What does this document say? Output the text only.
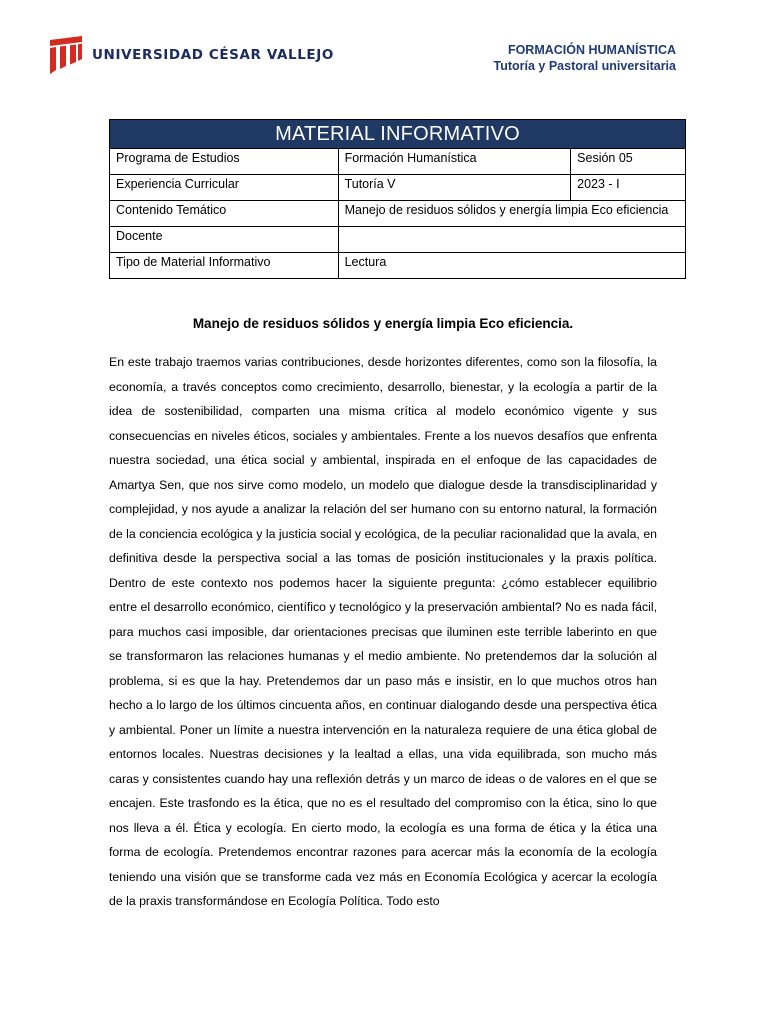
UNIVERSIDAD CÉSAR VALLEJO	FORMACIÓN HUMANÍSTICA
Tutoría y Pastoral universitaria
MATERIAL INFORMATIVO		
Programa de Estudios	Formación Humanística	Sesión 05
Experiencia Curricular	Tutoría V	2023 - I
Contenido Temático	Manejo de residuos sólidos y energía limpia Eco eficiencia	
Docente		
Tipo de Material Informativo	Lectura	
Manejo de residuos sólidos y energía limpia Eco eficiencia.

En este trabajo traemos varias contribuciones, desde horizontes diferentes, como son la filosofía, la economía, a través conceptos como crecimiento, desarrollo, bienestar, y la ecología a partir de la idea de sostenibilidad, comparten una misma crítica al modelo económico vigente y sus consecuencias en niveles éticos, sociales y ambientales. Frente a los nuevos desafíos que enfrenta nuestra sociedad, una ética social y ambiental, inspirada en el enfoque de las capacidades de Amartya Sen, que nos sirve como modelo, un modelo que dialogue desde la transdisciplinaridad y complejidad, y nos ayude a analizar la relación del ser humano con su entorno natural, la formación de la conciencia ecológica y la justicia social y ecológica, de la peculiar racionalidad que la avala, en definitiva desde la perspectiva social a las tomas de posición institucionales y la praxis política. Dentro de este contexto nos podemos hacer la siguiente pregunta: ¿cómo establecer equilibrio entre el desarrollo económico, científico y tecnológico y la preservación ambiental? No es nada fácil, para muchos casi imposible, dar orientaciones precisas que iluminen este terrible laberinto en que se transformaron las relaciones humanas y el medio ambiente. No pretendemos dar la solución al problema, si es que la hay. Pretendemos dar un paso más e insistir, en lo que muchos otros han hecho a lo largo de los últimos cincuenta años, en continuar dialogando desde una perspectiva ética y ambiental. Poner un límite a nuestra intervención en la naturaleza requiere de una ética global de entornos locales. Nuestras decisiones y la lealtad a ellas, una vida equilibrada, son mucho más caras y consistentes cuando hay una reflexión detrás y un marco de ideas o de valores en el que se encajen. Este trasfondo es la ética, que no es el resultado del compromiso con la ética, sino lo que nos lleva a él. Ética y ecología. En cierto modo, la ecología es una forma de ética y la ética una forma de ecología. Pretendemos encontrar razones para acercar más la economía de la ecología teniendo una visión que se transforme cada vez más en Economía Ecológica y acercar la ecología de la praxis transformándose en Ecología Política. Todo esto
